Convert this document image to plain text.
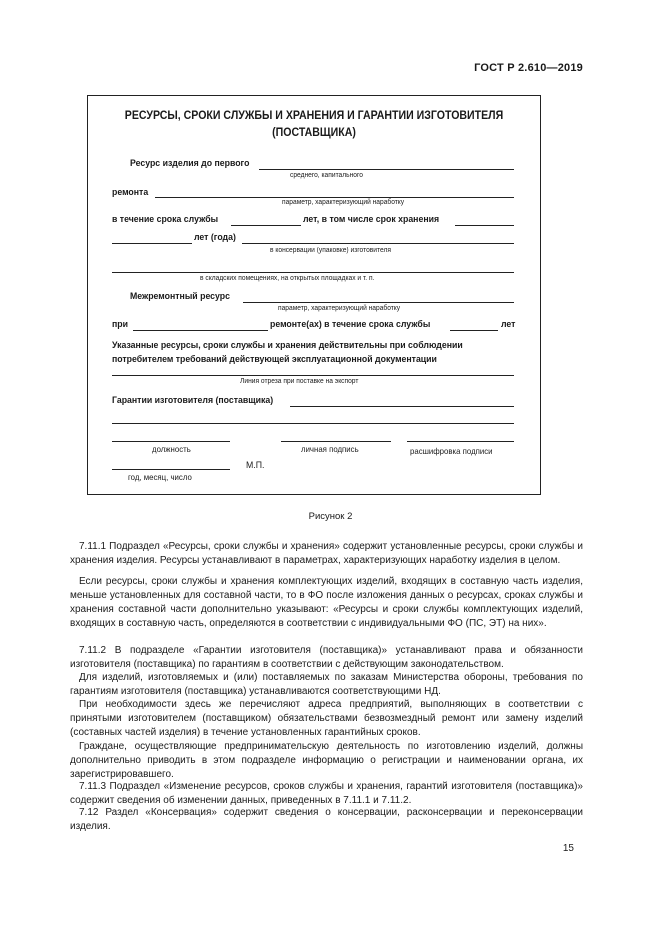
ГОСТ Р 2.610—2019
РЕСУРСЫ, СРОКИ СЛУЖБЫ И ХРАНЕНИЯ И ГАРАНТИИ ИЗГОТОВИТЕЛЯ
(ПОСТАВЩИКА)
Ресурс изделия до первого
среднего, капитального
ремонта
параметр, характеризующий наработку
в течение срока службы	лет, в том числе срок хранения
лет (года)
в консервации (упаковке) изготовителя
в складских помещениях, на открытых площадках и т. п.
Межремонтный ресурс
параметр, характеризующий наработку
при	ремонте(ах) в течение срока службы	лет
Указанные ресурсы, сроки службы и хранения действительны при соблюдении
потребителем требований действующей эксплуатационной документации
Линия отреза при поставке на экспорт
Гарантии изготовителя (поставщика)
должность	личная подпись	расшифровка подписи
год, месяц, число
М.П.
Рисунок 2
7.11.1 Подраздел «Ресурсы, сроки службы и хранения» содержит установленные ресурсы, сроки службы и хранения изделия. Ресурсы устанавливают в параметрах, характеризующих наработку изделия в целом.
Если ресурсы, сроки службы и хранения комплектующих изделий, входящих в составную часть изделия, меньше установленных для составной части, то в ФО после изложения данных о ресурсах, сроках службы и хранения составной части дополнительно указывают: «Ресурсы и сроки службы комплектующих изделий, входящих в составную часть, определяются в соответствии с индивидуальными ФО (ПС, ЭТ) на них».
7.11.2 В подразделе «Гарантии изготовителя (поставщика)» устанавливают права и обязанности изготовителя (поставщика) по гарантиям в соответствии с действующим законодательством.
Для изделий, изготовляемых и (или) поставляемых по заказам Министерства обороны, требования по гарантиям изготовителя (поставщика) устанавливаются соответствующими НД.
При необходимости здесь же перечисляют адреса предприятий, выполняющих в соответствии с принятыми изготовителем (поставщиком) обязательствами безвозмездный ремонт или замену изделий (составных частей изделия) в течение установленных гарантийных сроков.
Граждане, осуществляющие предпринимательскую деятельность по изготовлению изделий, должны дополнительно приводить в этом подразделе информацию о регистрации и наименовании органа, их зарегистрировавшего.
7.11.3 Подраздел «Изменение ресурсов, сроков службы и хранения, гарантий изготовителя (поставщика)» содержит сведения об изменении данных, приведенных в 7.11.1 и 7.11.2.
7.12 Раздел «Консервация» содержит сведения о консервации, расконсервации и переконсервации изделия.
15
